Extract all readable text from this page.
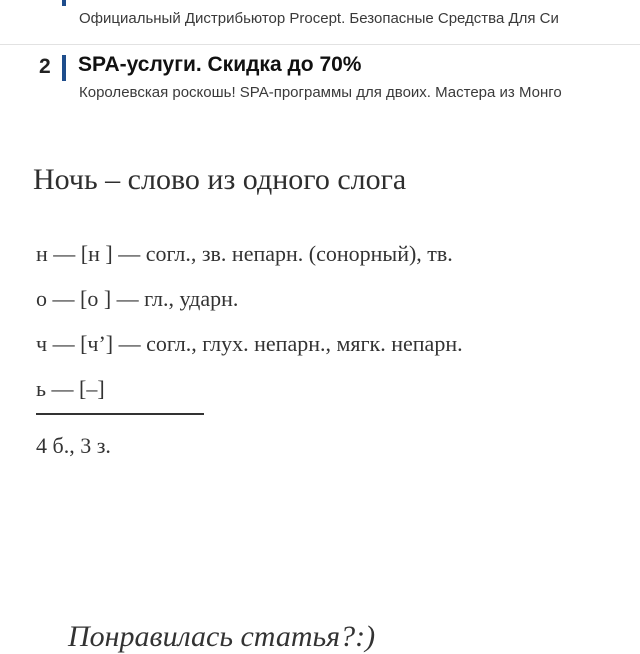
Официальный Дистрибьютор Procept. Безопасные Средства Для Си
2 SPA-услуги. Скидка до 70%
Королевская роскошь! SPA-программы для двоих. Мастера из Монго
Ночь – слово из одного слога
н — [н ] — согл., зв. непарн. (сонорный), тв.
о — [о ] — гл., ударн.
ч — [ч’] — согл., глух. непарн., мягк. непарн.
ь — [–]
4 б., 3 з.
Понравилась статья?:)
